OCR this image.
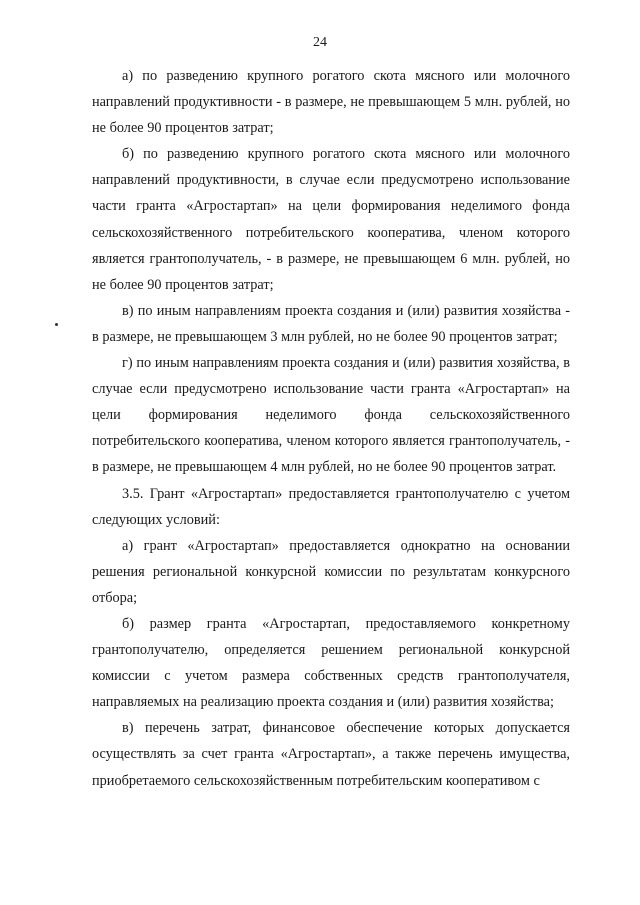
24

а) по разведению крупного рогатого скота мясного или молочного направлений продуктивности - в размере, не превышающем 5 млн. рублей, но не более 90 процентов затрат;

б) по разведению крупного рогатого скота мясного или молочного направлений продуктивности, в случае если предусмотрено использование части гранта «Агростартап» на цели формирования неделимого фонда сельскохозяйственного потребительского кооператива, членом которого является грантополучатель, - в размере, не превышающем 6 млн. рублей, но не более 90 процентов затрат;

в) по иным направлениям проекта создания и (или) развития хозяйства - в размере, не превышающем 3 млн рублей, но не более 90 процентов затрат;

г) по иным направлениям проекта создания и (или) развития хозяйства, в случае если предусмотрено использование части гранта «Агростартап» на цели формирования неделимого фонда сельскохозяйственного потребительского кооператива, членом которого является грантополучатель, - в размере, не превышающем 4 млн рублей, но не более 90 процентов затрат.

3.5. Грант «Агростартап» предоставляется грантополучателю с учетом следующих условий:

а) грант «Агростартап» предоставляется однократно на основании решения региональной конкурсной комиссии по результатам конкурсного отбора;

б) размер гранта «Агростартап, предоставляемого конкретному грантополучателю, определяется решением региональной конкурсной комиссии с учетом размера собственных средств грантополучателя, направляемых на реализацию проекта создания и (или) развития хозяйства;

в) перечень затрат, финансовое обеспечение которых допускается осуществлять за счет гранта «Агростартап», а также перечень имущества, приобретаемого сельскохозяйственным потребительским кооперативом с
